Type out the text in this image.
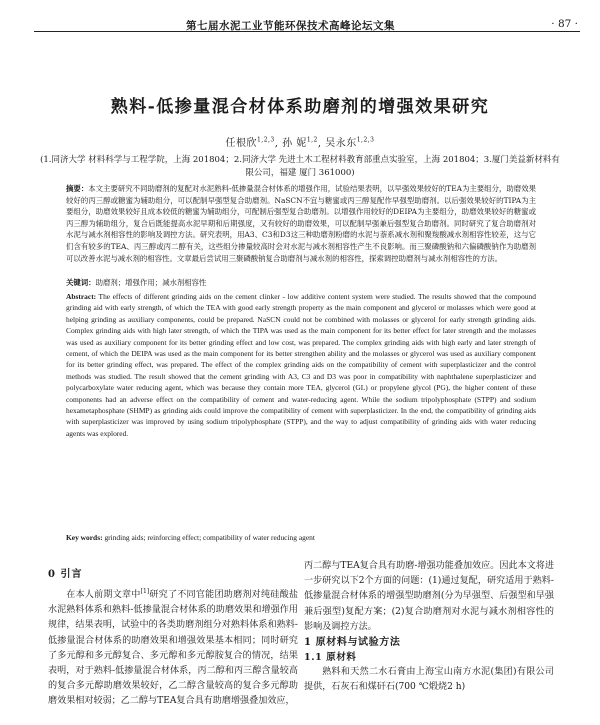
第七届水泥工业节能环保技术高峰论坛文集	· 87 ·
熟料-低掺量混合材体系助磨剂的增强效果研究
任根欣$^{1,2,3}$, 孙 妮$^{1,2}$, 吴永东$^{1,2,3}$
(1.同济大学 材料科学与工程学院，上海 201804；2.同济大学 先进土木工程材料教育部重点实验室，上海 201804；3.厦门美益新材料有限公司，福建 厦门 361000)
摘要：本文主要研究不同助磨剂的复配对水泥熟料-低掺量混合材体系的增强作用，试验结果表明，以早强效果较好的TEA为主要组分，助磨效果较好的丙三醇或糖蜜为辅助组分，可以配制早强型复合助磨剂。NaSCN不宜与糖蜜或丙三醇复配作早强型助磨剂。以后强效果较好的TIPA为主要组分，助磨效果较好且成本较低的糖蜜为辅助组分，可配制后强型复合助磨剂。以增强作用较好的DEIPA为主要组分，助磨效果较好的糖蜜或丙三醇为辅助组分，复合后既能提高水泥早期和后期强度，又有较好的助磨效果，可以配制早强兼后强型复合助磨剂。同时研究了复合助磨剂对水泥与减水剂相容性的影响及调控方法。研究表明，用A3、C3和D3这三种助磨剂粉磨的水泥与萘系减水剂和聚羧酸减水剂相容性较差，这与它们含有较多的TEA、丙三醇或丙二醇有关，这些组分掺量较高时会对水泥与减水剂相容性产生不良影响。而三聚磷酸钠和六偏磷酸钠作为助磨剂可以改善水泥与减水剂的相容性。文章最后尝试用三聚磷酸钠复合助磨剂与减水剂的相容性，探索调控助磨剂与减水剂相容性的方法。
关键词：助磨剂；增强作用；减水剂相容性
Abstract: The effects of different grinding aids on the cement clinker - low additive content system were studied. The results showed that the compound grinding aid with early strength, of which the TEA with good early strength property as the main component and glycerol or molasses which were good at helping grinding as auxiliary components, could be prepared. NaSCN could not be combined with molasses or glycerol for early strength grinding aids. Complex grinding aids with high later strength, of which the TIPA was used as the main component for its better effect for later strength and the molasses was used as auxiliary component for its better grinding effect and low cost, was prepared. The complex grinding aids with high early and later strength of cement, of which the DEIPA was used as the main component for its better strengthen ability and the molasses or glycerol was used as auxiliary component for its better grinding effect, was prepared. The effect of the complex grinding aids on the compatibility of cement with superplasticizer and the control methods was studied. The result showed that the cement grinding with A3, C3 and D3 was poor in compatibility with naphthalene superplasticizer and polycarboxylate water reducing agent, which was because they contain more TEA, glycerol (GL) or propylene glycol (PG), the higher content of these components had an adverse effect on the compatibility of cement and water-reducing agent. While the sodium tripolyphosphate (STPP) and sodium hexametaphosphate (SHMP) as grinding aids could improve the compatibility of cement with superplasticizer. In the end, the compatibility of grinding aids with superplasticizer was improved by using sodium tripolyphosphate (STPP), and the way to adjust compatibility of grinding aids with water reducing agents was explored.
Key words: grinding aids; reinforcing effect; compatibility of water reducing agent
0 引言

在本人前期文章中[1]研究了不同官能团助磨剂对纯硅酸盐水泥熟料体系和熟料-低掺量混合材体系的助磨效果和增强作用规律，结果表明，试验中的各类助磨剂组分对熟料体系和熟料-低掺量混合材体系的助磨效果和增强效果基本相同；同时研究了多元醇和多元醇复合、多元醇和多元醇胺复合的情况，结果表明，对于熟料-低掺量混合材体系，丙二醇和丙三醇含量较高的复合多元醇助磨效果较好，乙二醇含量较高的复合多元醇助磨效果相对较弱；乙二醇与TEA复合具有助磨增强叠加效应，

丙二醇与TEA复合具有助磨-增强功能叠加效应。因此本文将进一步研究以下2个方面的问题：(1)通过复配，研究适用于熟料-低掺量混合材体系的增强型助磨剂(分为早强型、后强型和早强兼后强型)复配方案；(2)复合助磨剂对水泥与减水剂相容性的影响及调控方法。

1 原材料与试验方法
1.1 原材料

熟料和天然二水石膏由上海宝山南方水泥(集团)有限公司提供，石灰石和煤矸石(700 ℃煅烧2 h)
